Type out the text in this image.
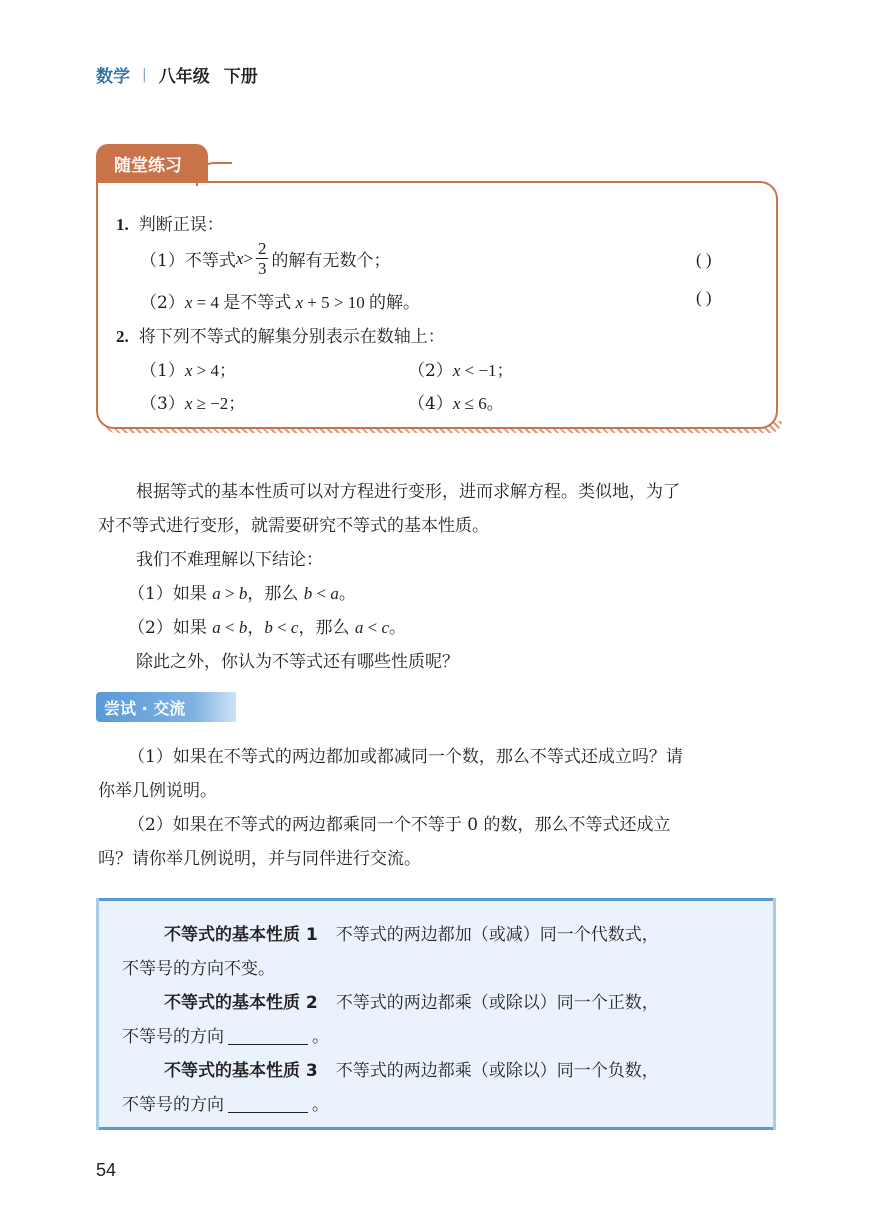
数学 | 八年级 下册
随堂练习
1. 判断正误：
（1）不等式 $x > \frac{2}{3}$ 的解有无数个；	( )
（2）x = 4 是不等式 x + 5 > 10 的解。	( )
2. 将下列不等式的解集分别表示在数轴上：
（1）x > 4；	（2）x < −1；
（3）x ≥ −2；	（4）x ≤ 6。
根据等式的基本性质可以对方程进行变形，进而求解方程。类似地，为了
对不等式进行变形，就需要研究不等式的基本性质。
我们不难理解以下结论：
（1）如果 a > b，那么 b < a。
（2）如果 a < b，b < c，那么 a < c。
除此之外，你认为不等式还有哪些性质呢？
尝试 · 交流
（1）如果在不等式的两边都加或都减同一个数，那么不等式还成立吗？请
你举几例说明。
（2）如果在不等式的两边都乘同一个不等于 0 的数，那么不等式还成立
吗？请你举几例说明，并与同伴进行交流。
不等式的基本性质 1 不等式的两边都加（或减）同一个代数式，
不等号的方向不变。
不等式的基本性质 2 不等式的两边都乘（或除以）同一个正数，
不等号的方向	。
不等式的基本性质 3 不等式的两边都乘（或除以）同一个负数，
不等号的方向	。
54
